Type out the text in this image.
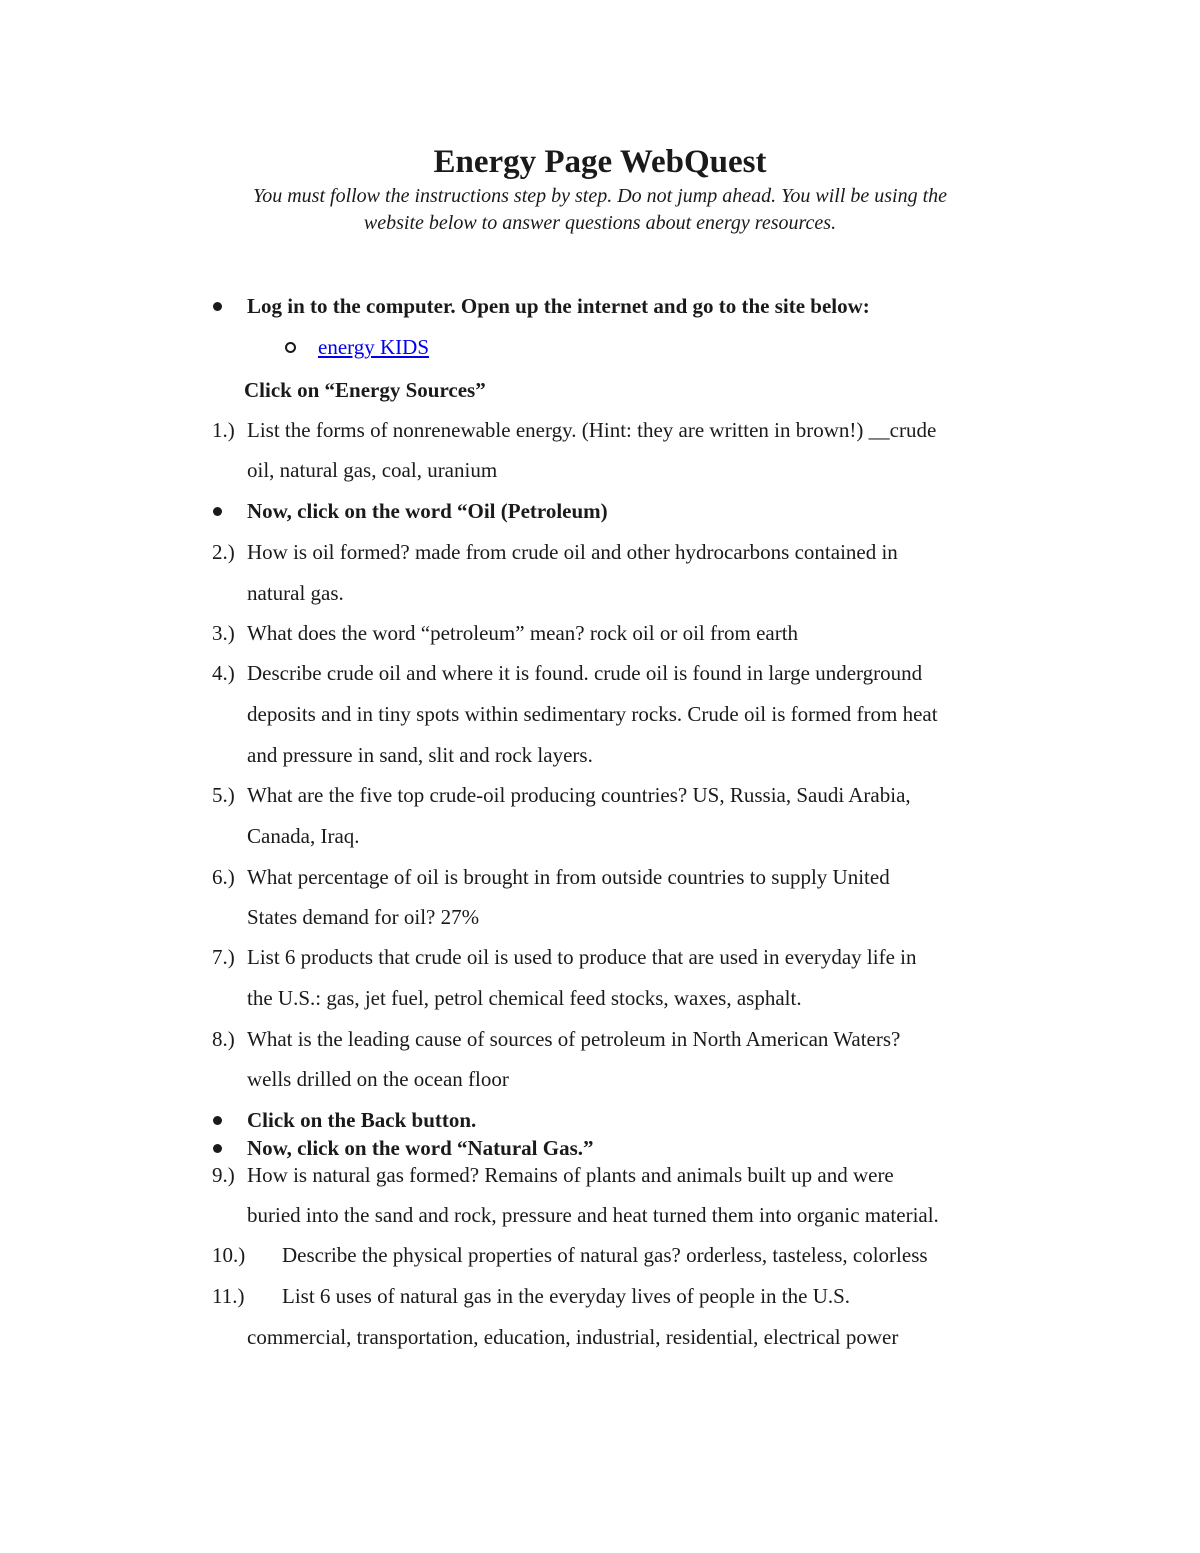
Energy Page WebQuest
You must follow the instructions step by step. Do not jump ahead. You will be using the
website below to answer questions about energy resources.
Log in to the computer. Open up the internet and go to the site below:
energy KIDS
Click on “Energy Sources”
1.) List the forms of nonrenewable energy. (Hint: they are written in brown!) __crude
oil, natural gas, coal, uranium
Now, click on the word “Oil (Petroleum)
2.) How is oil formed? made from crude oil and other hydrocarbons contained in
natural gas.
3.) What does the word “petroleum” mean? rock oil or oil from earth
4.) Describe crude oil and where it is found. crude oil is found in large underground
deposits and in tiny spots within sedimentary rocks. Crude oil is formed from heat
and pressure in sand, slit and rock layers.
5.) What are the five top crude-oil producing countries? US, Russia, Saudi Arabia,
Canada, Iraq.
6.) What percentage of oil is brought in from outside countries to supply United
States demand for oil? 27%
7.) List 6 products that crude oil is used to produce that are used in everyday life in
the U.S.: gas, jet fuel, petrol chemical feed stocks, waxes, asphalt.
8.) What is the leading cause of sources of petroleum in North American Waters?
wells drilled on the ocean floor
Click on the Back button.
Now, click on the word “Natural Gas.”
9.) How is natural gas formed? Remains of plants and animals built up and were
buried into the sand and rock, pressure and heat turned them into organic material.
10.) Describe the physical properties of natural gas? orderless, tasteless, colorless
11.) List 6 uses of natural gas in the everyday lives of people in the U.S.
commercial, transportation, education, industrial, residential, electrical power
